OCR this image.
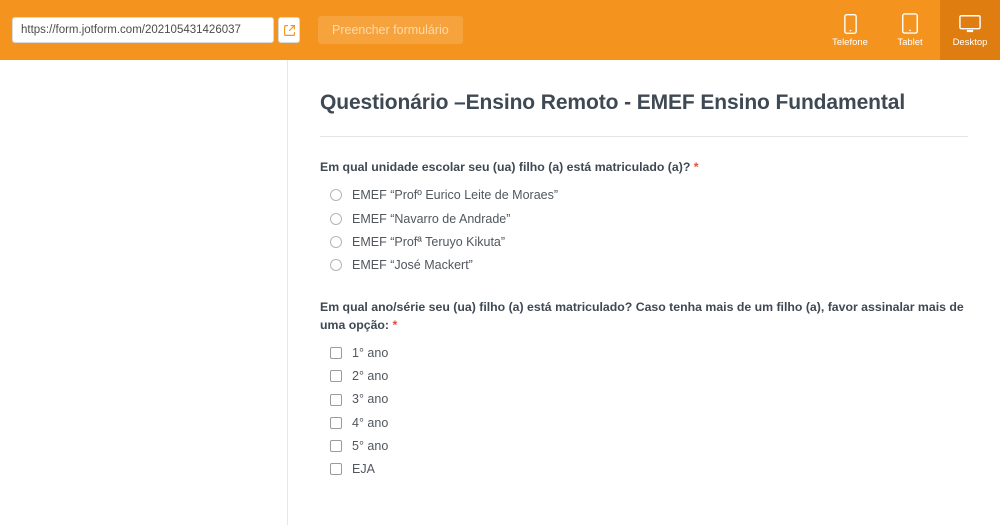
https://form.jotform.com/202105431426037
Preencher formulário
Telefone	Tablet	Desktop
Questionário –Ensino Remoto - EMEF Ensino Fundamental
Em qual unidade escolar seu (ua) filho (a) está matriculado (a)? *
EMEF “Profº Eurico Leite de Moraes”
EMEF “Navarro de Andrade”
EMEF “Profª Teruyo Kikuta”
EMEF “José Mackert”
Em qual ano/série seu (ua) filho (a) está matriculado? Caso tenha mais de um filho (a), favor assinalar mais de uma opção: *
1° ano
2° ano
3° ano
4° ano
5° ano
EJA
